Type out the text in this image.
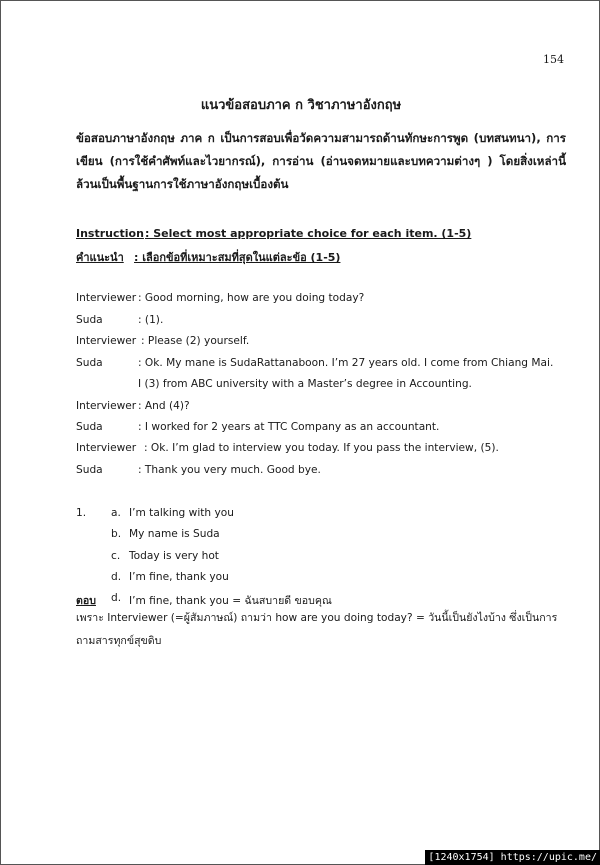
154
แนวข้อสอบภาค ก วิชาภาษาอังกฤษ
ข้อสอบภาษาอังกฤษ ภาค ก เป็นการสอบเพื่อวัดความสามารถด้านทักษะการพูด (บทสนทนา), การเขียน (การใช้คำศัพท์และไวยากรณ์), การอ่าน (อ่านจดหมายและบทความต่างๆ ) โดยสิ่งเหล่านี้ล้วนเป็นพื้นฐานการใช้ภาษาอังกฤษเบื้องต้น
Instruction : Select most appropriate choice for each item. (1-5)
คำแนะนำ : เลือกข้อที่เหมาะสมที่สุดในแต่ละข้อ (1-5)
Interviewer : Good morning, how are you doing today?
Suda	: (1).
Interviewer : Please (2) yourself.
Suda	: Ok. My mane is SudaRattanaboon. I’m 27 years old. I come from Chiang Mai.
I (3) from ABC university with a Master’s degree in Accounting.
Interviewer : And (4)?
Suda	: I worked for 2 years at TTC Company as an accountant.
Interviewer : Ok. I’m glad to interview you today. If you pass the interview, (5).
Suda	: Thank you very much. Good bye.
1. a. I’m talking with you
b. My name is Suda
c. Today is very hot
d. I’m fine, thank you
ตอบ d. I’m fine, thank you = ฉันสบายดี ขอบคุณ
เพราะ Interviewer (=ผู้สัมภาษณ์) ถามว่า how are you doing today? = วันนี้เป็นยังไงบ้าง ซึ่งเป็นการถามสารทุกข์สุขดิบ
[1240x1754] https://upic.me/
